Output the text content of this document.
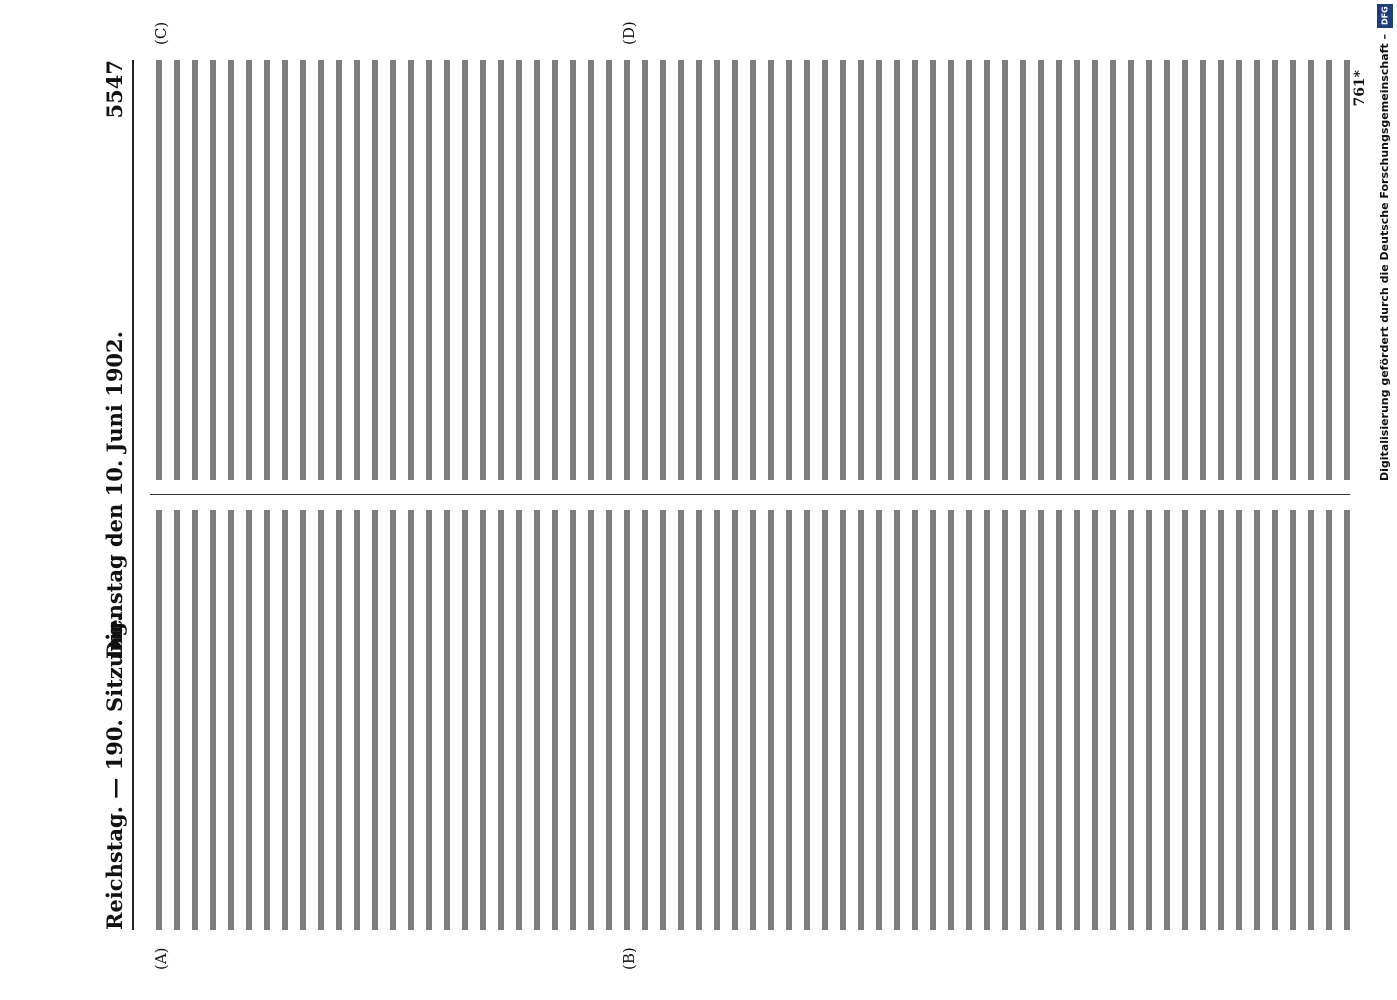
Reichstag. — 190. Sitzung.
Dienstag den 10. Juni 1902.
5547
(A)	(B)
(C)	(D)
761*
DFG
Digitalisierung gefördert durch die Deutsche Forschungsgemeinschaft –
